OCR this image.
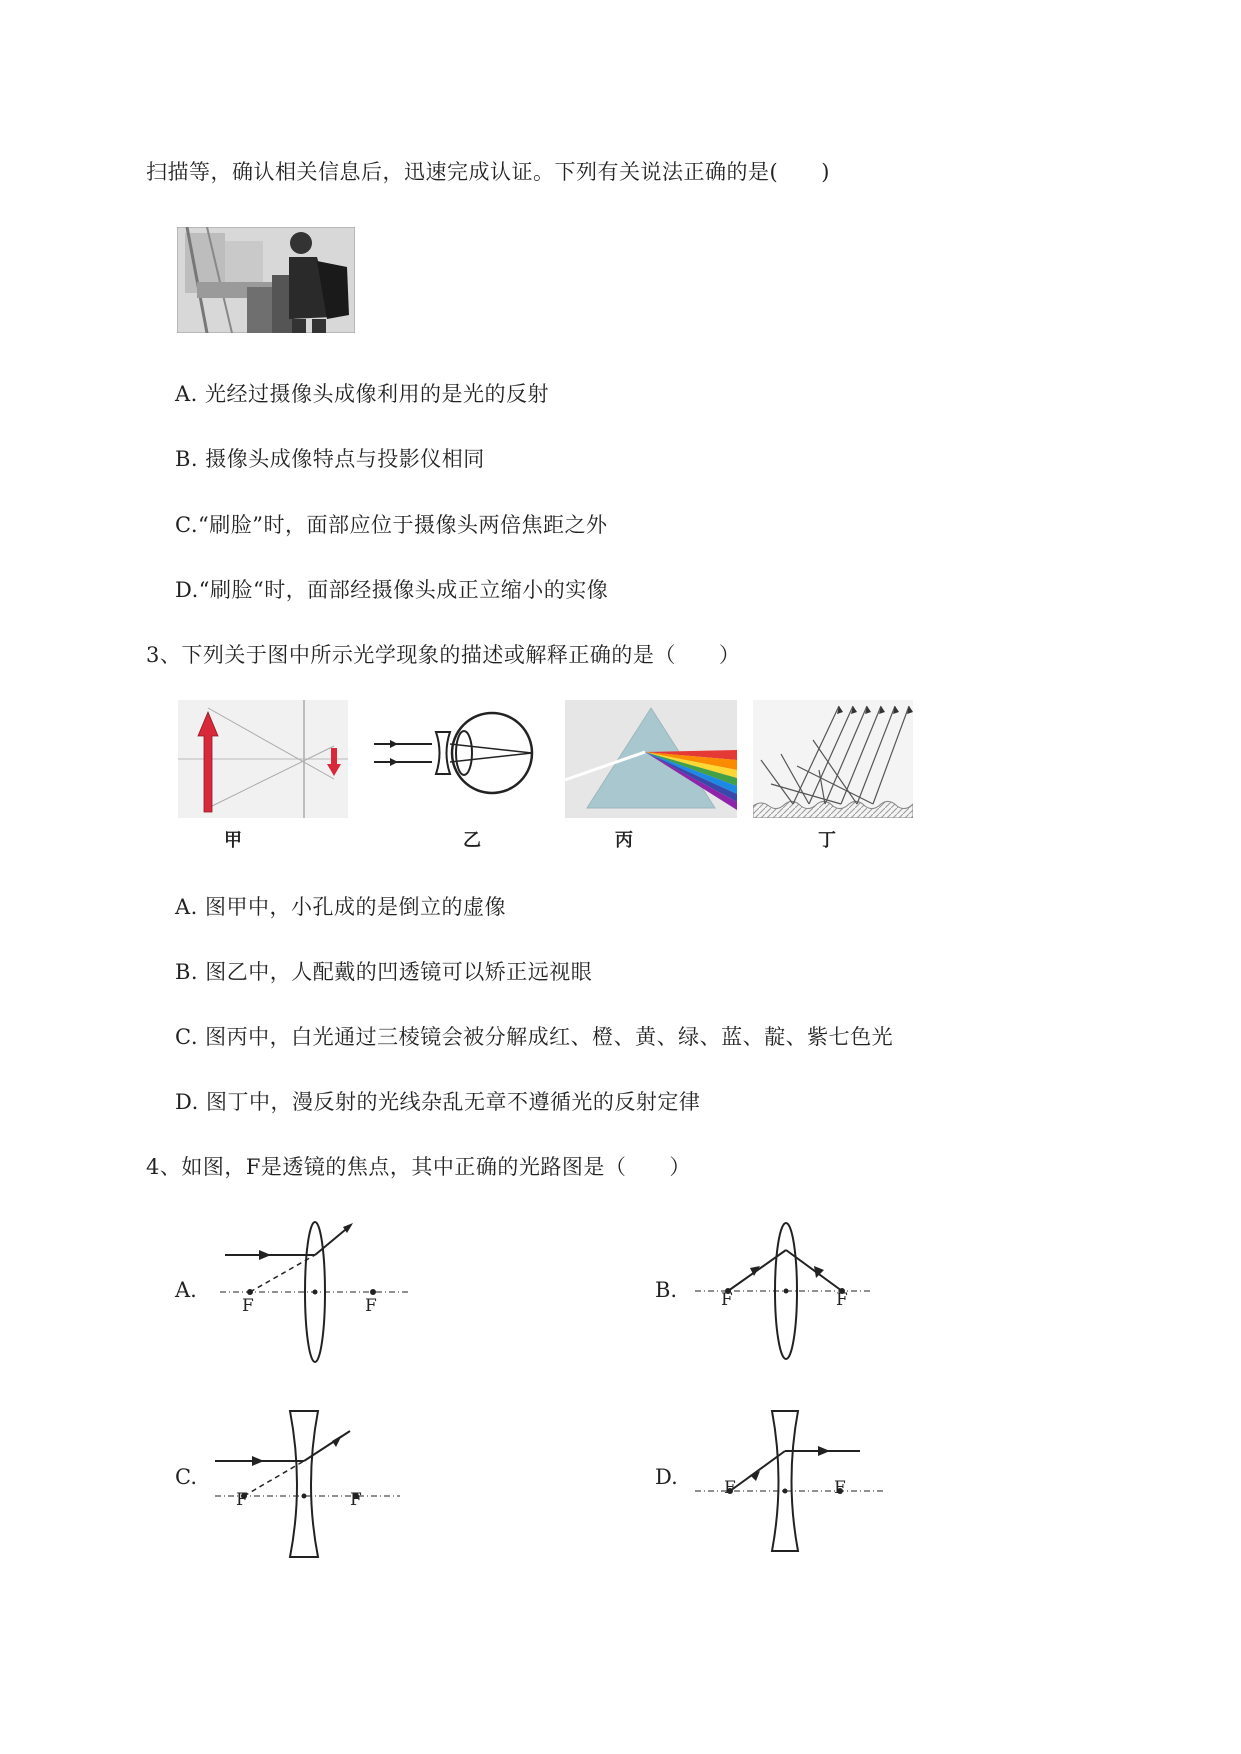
扫描等，确认相关信息后，迅速完成认证。下列有关说法正确的是(　　)
A. 光经过摄像头成像利用的是光的反射
B. 摄像头成像特点与投影仪相同
C.“刷脸”时，面部应位于摄像头两倍焦距之外
D.“刷脸“时，面部经摄像头成正立缩小的实像
3、下列关于图中所示光学现象的描述或解释正确的是（　　）
甲	乙	丙	丁
A. 图甲中，小孔成的是倒立的虚像
B. 图乙中，人配戴的凹透镜可以矫正远视眼
C. 图丙中，白光通过三棱镜会被分解成红、橙、黄、绿、蓝、靛、紫七色光
D. 图丁中，漫反射的光线杂乱无章不遵循光的反射定律
4、如图，F是透镜的焦点，其中正确的光路图是（　　）
A.
F	F
B.	F	F
C.
F	F
D.	F	F
